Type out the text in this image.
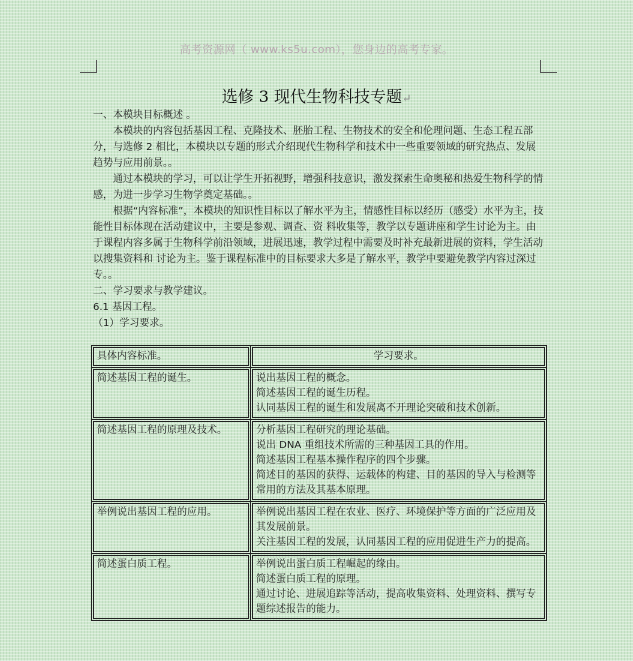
高考资源网（ www.ks5u.com），您身边的高考专家。
选修 3 现代生物科技专题↵

一、本模块目标概述 。

本模块的内容包括基因工程、克隆技术、胚胎工程、生物技术的安全和伦理问题、生态工程五部分，与选修 2 相比，本模块以专题的形式介绍现代生物科学和技术中一些重要领域的研究热点、发展趋势与应用前景。。

通过本模块的学习，可以让学生开拓视野，增强科技意识，激发探索生命奥秘和热爱生物科学的情感，为进一步学习生物学奠定基础。。

根据“内容标准”，本模块的知识性目标以了解水平为主，情感性目标以经历（感受）水平为主，技能性目标体现在活动建议中，主要是参观、调查、资 料收集等，教学以专题讲座和学生讨论为主。由于课程内容多属于生物科学前沿领域，进展迅速，教学过程中需要及时补充最新进展的资料，学生活动以搜集资料和 讨论为主。鉴于课程标准中的目标要求大多是了解水平，教学中要避免教学内容过深过专。。

二、学习要求与教学建议。

6.1 基因工程。

（1）学习要求。

具体内容标准。	学习要求。
简述基因工程的诞生。	说出基因工程的概念。
简述基因工程的诞生历程。
认同基因工程的诞生和发展离不开理论突破和技术创新。

简述基因工程的原理及技术。	分析基因工程研究的理论基础。
说出 DNA 重组技术所需的三种基因工具的作用。
简述基因工程基本操作程序的四个步骤。
简述目的基因的获得、运载体的构建、目的基因的导入与检测等常用的方法及其基本原理。

举例说出基因工程的应用。	举例说出基因工程在农业、医疗、环境保护等方面的广泛应用及其发展前景。
关注基因工程的发展，认同基因工程的应用促进生产力的提高。

简述蛋白质工程。	举例说出蛋白质工程崛起的缘由。
简述蛋白质工程的原理。
通过讨论、进展追踪等活动，提高收集资料、处理资料、撰写专题综述报告的能力。
